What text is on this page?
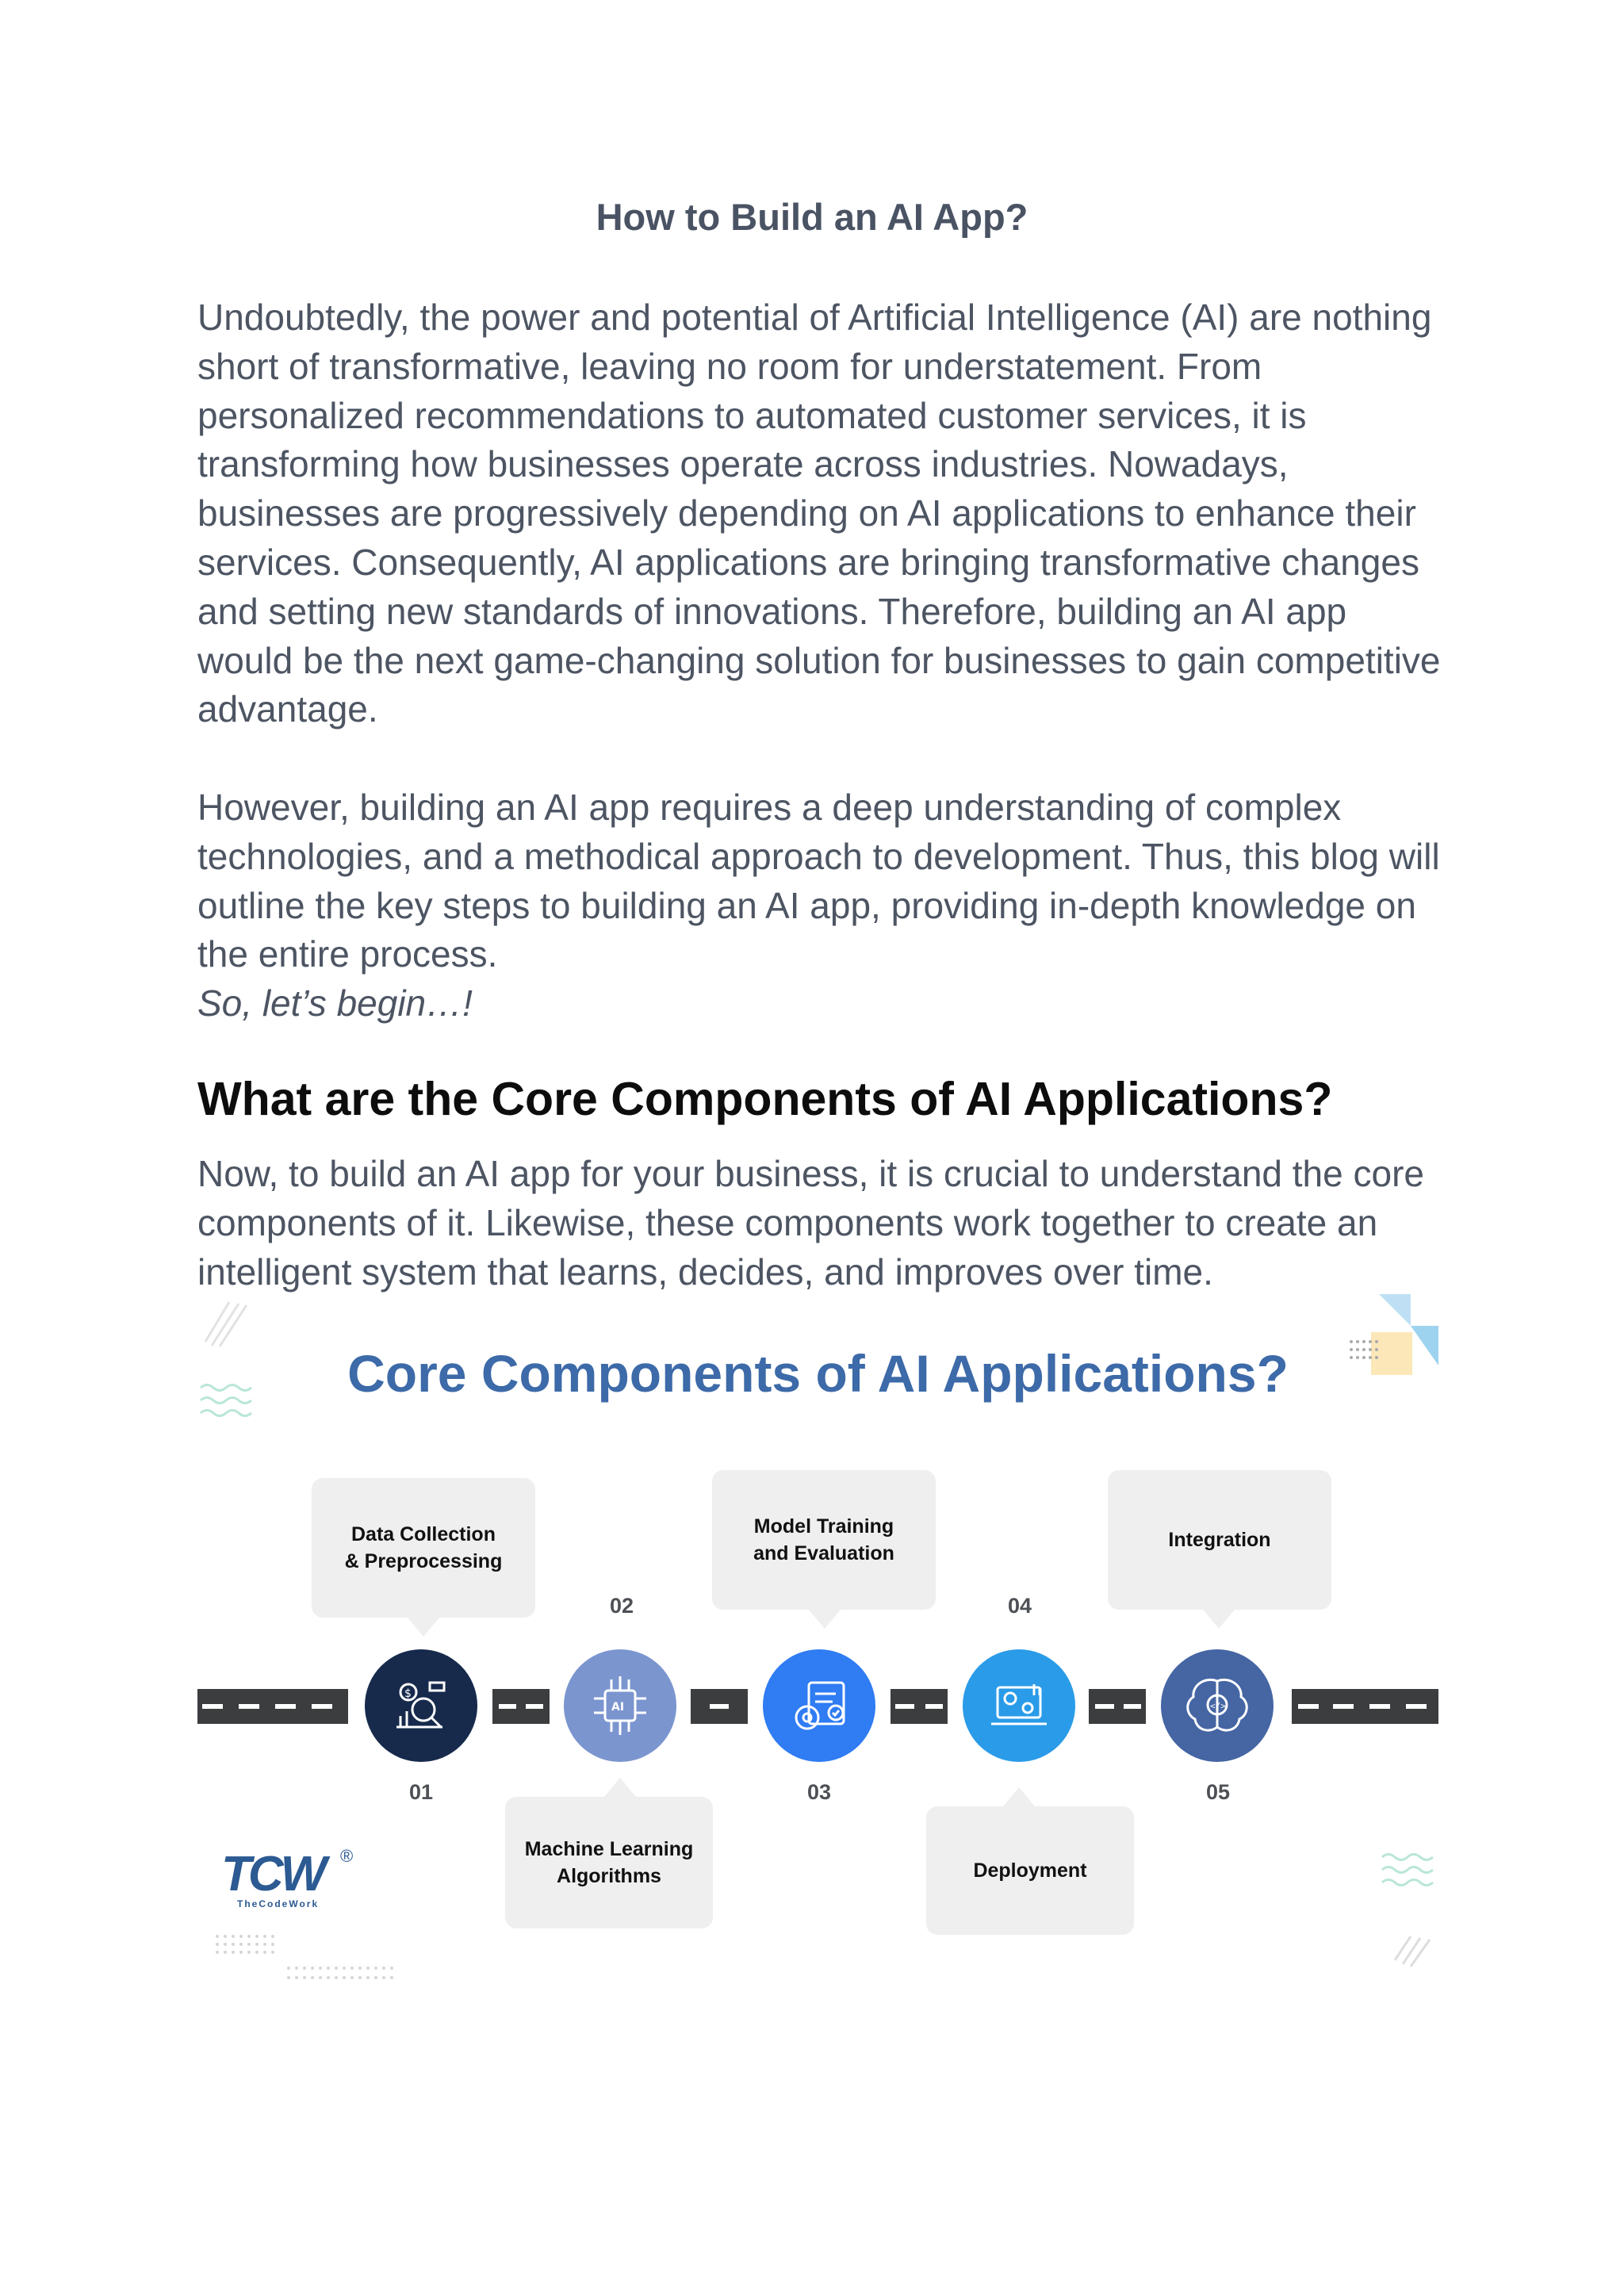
How to Build an AI App?

Undoubtedly, the power and potential of Artificial Intelligence (AI) are nothing short of transformative, leaving no room for understatement. From personalized recommendations to automated customer services, it is transforming how businesses operate across industries. Nowadays, businesses are progressively depending on AI applications to enhance their services. Consequently, AI applications are bringing transformative changes and setting new standards of innovations. Therefore, building an AI app would be the next game-changing solution for businesses to gain competitive advantage.

However, building an AI app requires a deep understanding of complex technologies, and a methodical approach to development. Thus, this blog will outline the key steps to building an AI app, providing in-depth knowledge on the entire process.

So, let’s begin…!

What are the Core Components of AI Applications?

Now, to build an AI app for your business, it is crucial to understand the core components of it. Likewise, these components work together to create an intelligent system that learns, decides, and improves over time.

Core Components of AI Applications?
Data Collection
& Preprocessing
$
01
02
AI
Machine Learning
Algorithms
Model Training
and Evaluation
03
04
Deployment
Integration
</>
05
TCW ®
TheCodeWork
